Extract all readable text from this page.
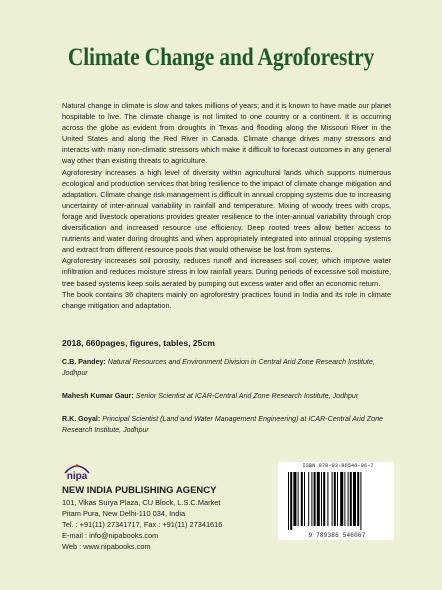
Climate Change and Agroforestry

Natural change in climate is slow and takes millions of years; and it is known to have made our planet hospitable to live. The climate change is not limited to one country or a continent. It is occurring across the globe as evident from droughts in Texas and flooding along the Missouri River in the United States and along the Red River in Canada. Climate change drives many stressors and interacts with many non-climatic stressors which make it difficult to forecast outcomes in any general way other than existing threats to agriculture.

Agroforestry increases a high level of diversity within agricultural lands which supports numerous ecological and production services that bring resilience to the impact of climate change mitigation and adaptation. Climate change risk management is difficult in annual cropping systems due to increasing uncertainty of inter-annual variability in rainfall and temperature. Mixing of woody trees with crops, forage and livestock operations provides greater resilience to the inter-annual variability through crop diversification and increased resource use efficiency. Deep rooted trees allow better access to nutrients and water during droughts and when appropriately integrated into annual cropping systems and extract from different resource pools that would otherwise be lost from systems.

Agroforestry increases soil porosity, reduces runoff and increases soil cover, which improve water infiltration and reduces moisture stress in low rainfall years. During periods of excessive soil moisture, tree based systems keep soils aerated by pumping out excess water and offer an economic return.

The book contains 36 chapters mainly on agroforestry practices found in India and its role in climate change mitigation and adaptation.

2018, 660pages, figures, tables, 25cm

C.B. Pandey: Natural Resources and Environment Division in Central Arid Zone Research Institute, Jodhpur

Mahesh Kumar Gaur: Senior Scientist at ICAR-Central Arid Zone Research Institute, Jodhpur

R.K. Goyal: Principal Scientist (Land and Water Management Engineering) at ICAR-Central Arid Zone Research Institute, Jodhpur

nipa

NEW INDIA PUBLISHING AGENCY

101, Vikas Surya Plaza, CU Block, L.S.C.Market
Pitam Pura, New Delhi-110 034, India
Tel. : +91(11) 27341717, Fax : +91(11) 27341616
E-mail : info@nipabooks.com
Web : www.nipabooks.com

ISBN 978-93-86546-06-7

9 789386 546067
